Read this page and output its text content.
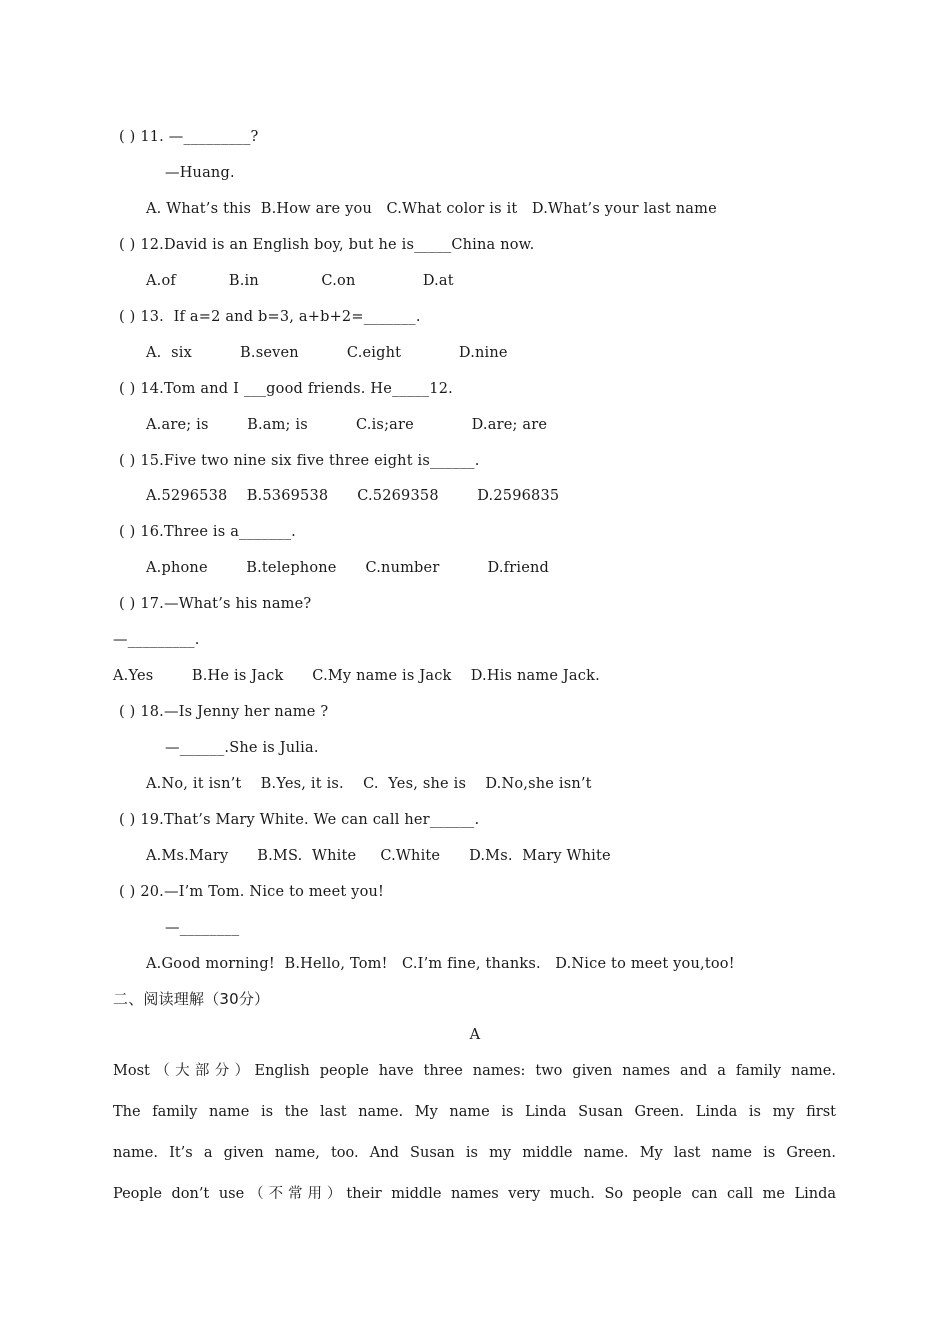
( ) 11. —_________?
—Huang.
A. What’s this  B.How are you   C.What color is it   D.What’s your last name
( ) 12.David is an English boy, but he is_____China now.
A.of           B.in             C.on              D.at
( ) 13.  If a=2 and b=3, a+b+2=_______.
A.  six          B.seven          C.eight            D.nine
( ) 14.Tom and I ___good friends. He_____12.
A.are; is        B.am; is          C.is;are            D.are; are
( ) 15.Five two nine six five three eight is______.
A.5296538    B.5369538      C.5269358        D.2596835
( ) 16.Three is a_______.
A.phone        B.telephone      C.number          D.friend
( ) 17.—What’s his name?
—_________.
A.Yes        B.He is Jack      C.My name is Jack    D.His name Jack.
( ) 18.—Is Jenny her name ?
—______.She is Julia.
A.No, it isn’t    B.Yes, it is.    C.  Yes, she is    D.No,she isn’t
( ) 19.That’s Mary White. We can call her______.
A.Ms.Mary      B.MS.  White     C.White      D.Ms.  Mary White
( ) 20.—I’m Tom. Nice to meet you!
—________
A.Good morning!  B.Hello, Tom!   C.I’m fine, thanks.   D.Nice to meet you,too!
二、阅读理解（30分）
A
Most（大部分）English people have three names: two given names and a family name.
The family name is the last name. My name is Linda Susan Green. Linda is my first
name. It’s a given name, too. And Susan is my middle name. My last name is Green.
People don’t use（不常用）their middle names very much. So people can call me Linda
